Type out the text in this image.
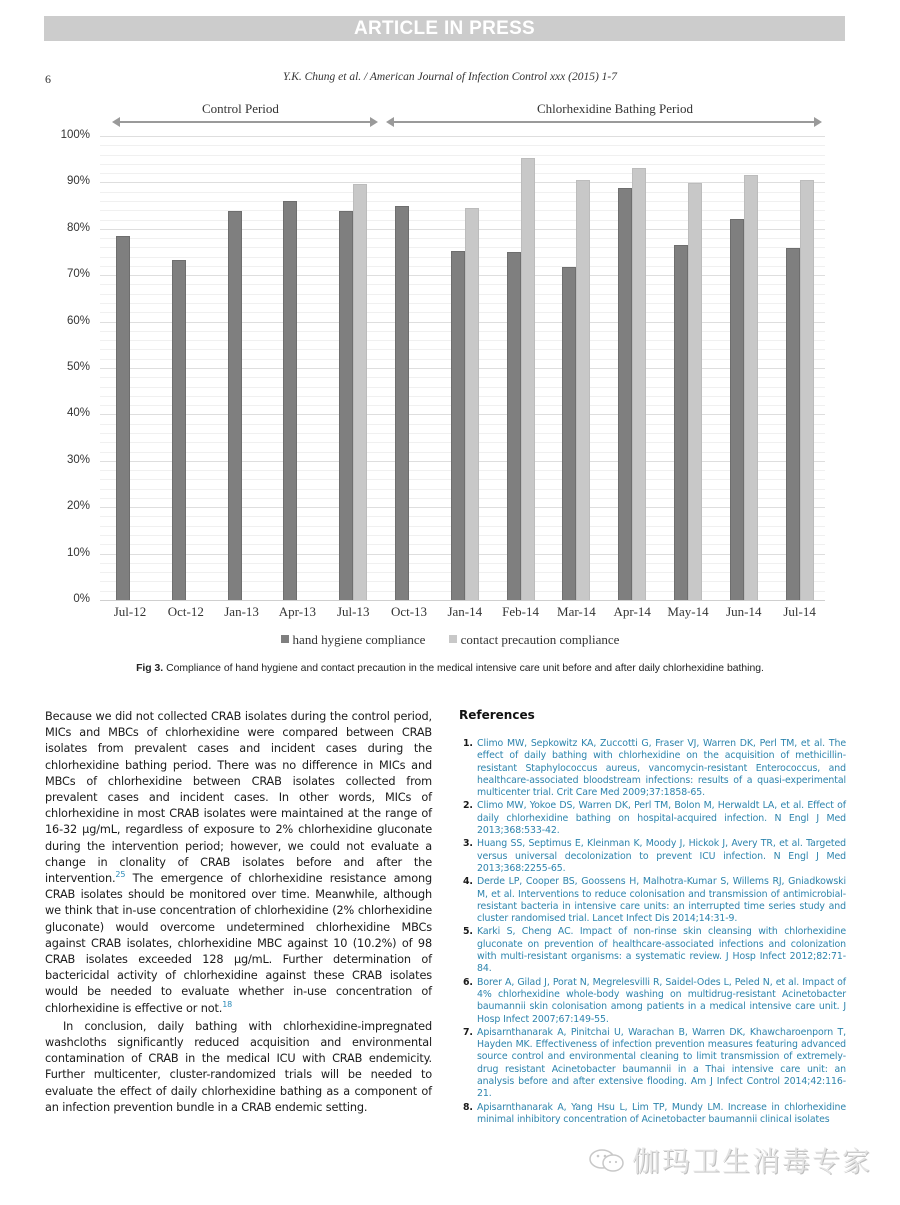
ARTICLE IN PRESS
6	Y.K. Chung et al. / American Journal of Infection Control xxx (2015) 1-7
Control Period	Chlorhexidine Bathing Period
0%
10%
20%
30%
40%
50%
60%
70%
80%
90%
100%
Jul-12	Oct-12	Jan-13	Apr-13	Jul-13	Oct-13	Jan-14	Feb-14	Mar-14	Apr-14	May-14	Jun-14	Jul-14
hand hygiene compliance	contact precaution compliance
Fig 3. Compliance of hand hygiene and contact precaution in the medical intensive care unit before and after daily chlorhexidine bathing.

Because we did not collected CRAB isolates during the control period, MICs and MBCs of chlorhexidine were compared between CRAB isolates from prevalent cases and incident cases during the chlorhexidine bathing period. There was no difference in MICs and MBCs of chlorhexidine between CRAB isolates collected from prevalent cases and incident cases. In other words, MICs of chlorhexidine in most CRAB isolates were maintained at the range of 16-32 µg/mL, regardless of exposure to 2% chlorhexidine gluconate during the intervention period; however, we could not evaluate a change in clonality of CRAB isolates before and after the intervention.$^{25}$ The emergence of chlorhexidine resistance among CRAB isolates should be monitored over time. Meanwhile, although we think that in-use concentration of chlorhexidine (2% chlorhexidine gluconate) would overcome undetermined chlorhexidine MBCs against CRAB isolates, chlorhexidine MBC against 10 (10.2%) of 98 CRAB isolates exceeded 128 µg/mL. Further determination of bactericidal activity of chlorhexidine against these CRAB isolates would be needed to evaluate whether in-use concentration of chlorhexidine is effective or not.$^{18}$

In conclusion, daily bathing with chlorhexidine-impregnated washcloths significantly reduced acquisition and environmental contamination of CRAB in the medical ICU with CRAB endemicity. Further multicenter, cluster-randomized trials will be needed to evaluate the effect of daily chlorhexidine bathing as a component of an infection prevention bundle in a CRAB endemic setting.

References
1. Climo MW, Sepkowitz KA, Zuccotti G, Fraser VJ, Warren DK, Perl TM, et al. The effect of daily bathing with chlorhexidine on the acquisition of methicillin-resistant Staphylococcus aureus, vancomycin-resistant Enterococcus, and healthcare-associated bloodstream infections: results of a quasi-experimental multicenter trial. Crit Care Med 2009;37:1858-65.
2. Climo MW, Yokoe DS, Warren DK, Perl TM, Bolon M, Herwaldt LA, et al. Effect of daily chlorhexidine bathing on hospital-acquired infection. N Engl J Med 2013;368:533-42.
3. Huang SS, Septimus E, Kleinman K, Moody J, Hickok J, Avery TR, et al. Targeted versus universal decolonization to prevent ICU infection. N Engl J Med 2013;368:2255-65.
4. Derde LP, Cooper BS, Goossens H, Malhotra-Kumar S, Willems RJ, Gniadkowski M, et al. Interventions to reduce colonisation and transmission of antimicrobial-resistant bacteria in intensive care units: an interrupted time series study and cluster randomised trial. Lancet Infect Dis 2014;14:31-9.
5. Karki S, Cheng AC. Impact of non-rinse skin cleansing with chlorhexidine gluconate on prevention of healthcare-associated infections and colonization with multi-resistant organisms: a systematic review. J Hosp Infect 2012;82:71-84.
6. Borer A, Gilad J, Porat N, Megrelesvilli R, Saidel-Odes L, Peled N, et al. Impact of 4% chlorhexidine whole-body washing on multidrug-resistant Acinetobacter baumannii skin colonisation among patients in a medical intensive care unit. J Hosp Infect 2007;67:149-55.
7. Apisarnthanarak A, Pinitchai U, Warachan B, Warren DK, Khawcharoenporn T, Hayden MK. Effectiveness of infection prevention measures featuring advanced source control and environmental cleaning to limit transmission of extremely-drug resistant Acinetobacter baumannii in a Thai intensive care unit: an analysis before and after extensive flooding. Am J Infect Control 2014;42:116-21.
8. Apisarnthanarak A, Yang Hsu L, Lim TP, Mundy LM. Increase in chlorhexidine minimal inhibitory concentration of Acinetobacter baumannii clinical isolates
伽玛卫生消毒专家
